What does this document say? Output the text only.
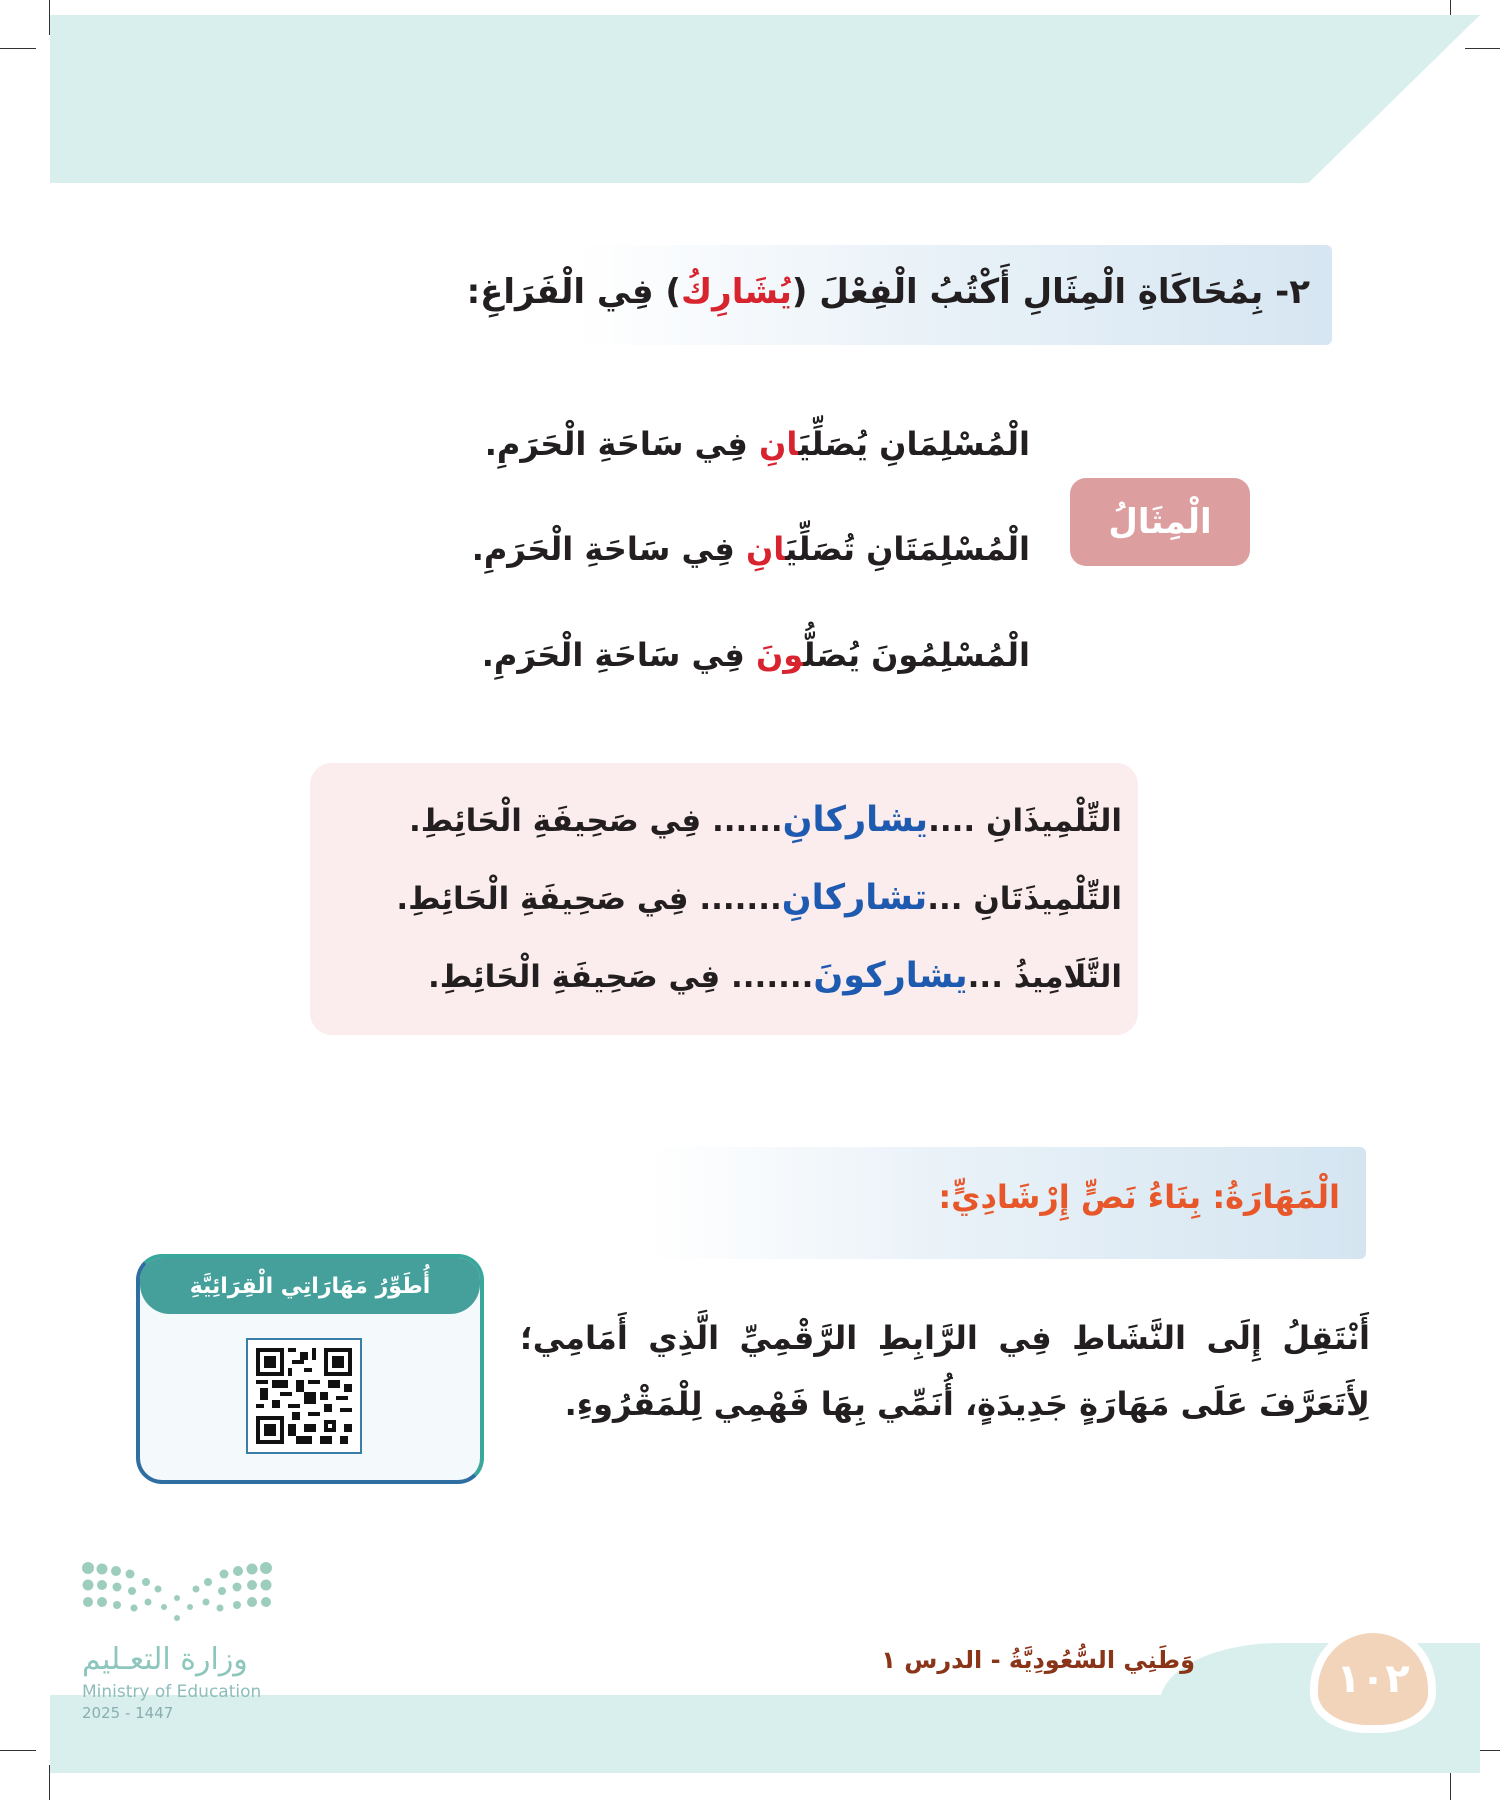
٢- بِمُحَاكَاةِ الْمِثَالِ أَكْتُبُ الْفِعْلَ (يُشَارِكُ) فِي الْفَرَاغِ:
الْمِثَالُ
الْمُسْلِمَانِ يُصَلِّيَانِ فِي سَاحَةِ الْحَرَمِ.
الْمُسْلِمَتَانِ تُصَلِّيَانِ فِي سَاحَةِ الْحَرَمِ.
الْمُسْلِمُونَ يُصَلُّونَ فِي سَاحَةِ الْحَرَمِ.
التِّلْمِيذَانِ ....يشاركانِ...... فِي صَحِيفَةِ الْحَائِطِ.
التِّلْمِيذَتَانِ ...تشاركانِ....... فِي صَحِيفَةِ الْحَائِطِ.
التَّلَامِيذُ ...يشاركونَ....... فِي صَحِيفَةِ الْحَائِطِ.
الْمَهَارَةُ: بِنَاءُ نَصٍّ إِرْشَادِيٍّ:
أَنْتَقِلُ إِلَى النَّشَاطِ فِي الرَّابِطِ الرَّقْمِيِّ الَّذِي أَمَامِي؛ لِأَتَعَرَّفَ عَلَى مَهَارَةٍ جَدِيدَةٍ، أُنَمِّي بِهَا فَهْمِي لِلْمَقْرُوءِ.
أُطَوِّرُ مَهَارَاتِي الْقِرَائِيَّةِ
١٠٢
وَطَنِي السُّعُودِيَّةُ - الدرس ١
وزارة التعـليم
Ministry of Education
2025 - 1447
